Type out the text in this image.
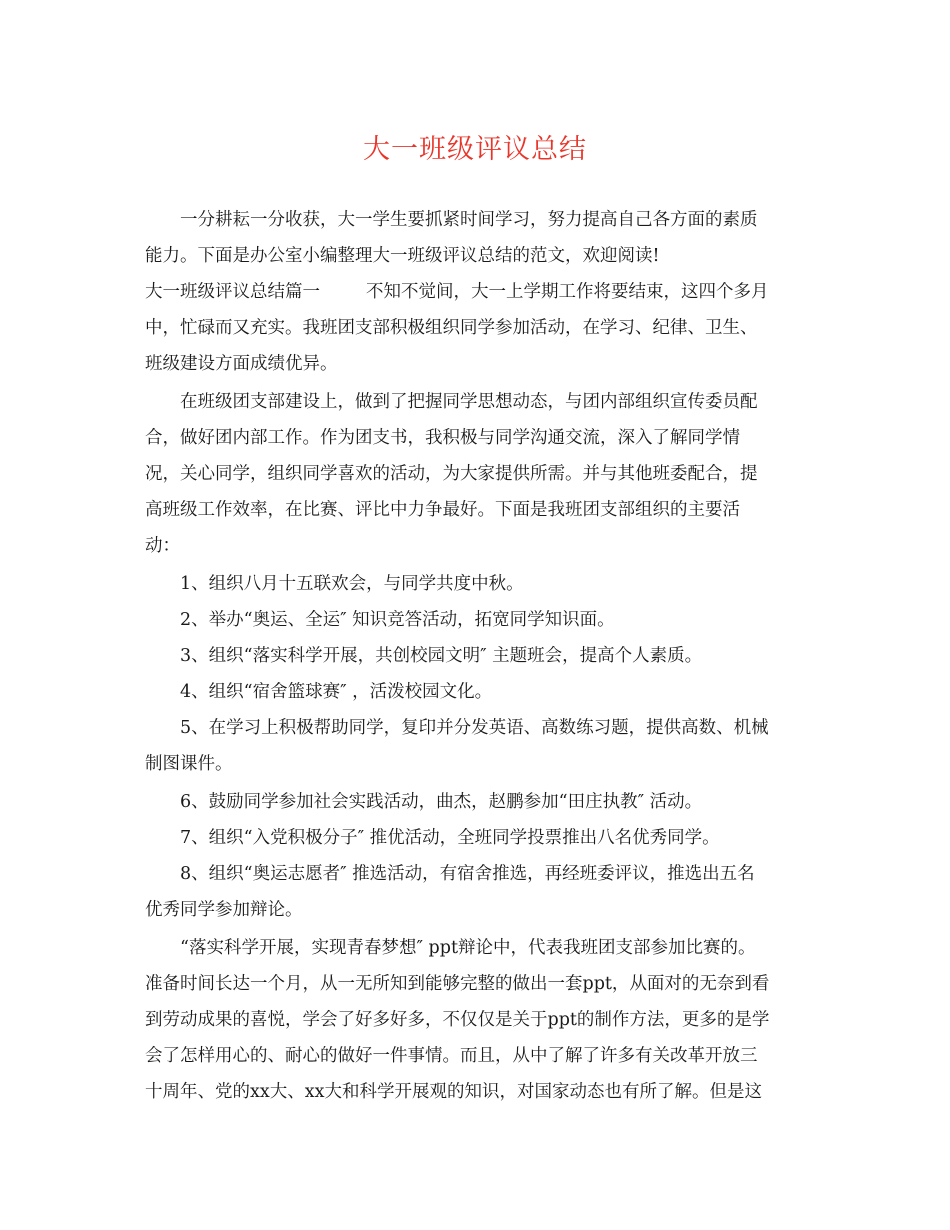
大一班级评议总结
一分耕耘一分收获，大一学生要抓紧时间学习，努力提高自己各方面的素质
能力。下面是办公室小编整理大一班级评议总结的范文，欢迎阅读!
大一班级评议总结篇一	不知不觉间，大一上学期工作将要结束，这四个多月
中，忙碌而又充实。我班团支部积极组织同学参加活动，在学习、纪律、卫生、
班级建设方面成绩优异。
在班级团支部建设上，做到了把握同学思想动态，与团内部组织宣传委员配
合，做好团内部工作。作为团支书，我积极与同学沟通交流，深入了解同学情
况，关心同学，组织同学喜欢的活动，为大家提供所需。并与其他班委配合，提
高班级工作效率，在比赛、评比中力争最好。下面是我班团支部组织的主要活
动：
1、组织八月十五联欢会，与同学共度中秋。
2、举办“奥运、全运″ 知识竞答活动，拓宽同学知识面。
3、组织“落实科学开展，共创校园文明″ 主题班会，提高个人素质。
4、组织“宿舍篮球赛″ ，活泼校园文化。
5、在学习上积极帮助同学，复印并分发英语、高数练习题，提供高数、机械
制图课件。
6、鼓励同学参加社会实践活动，曲杰，赵鹏参加“田庄执教″ 活动。
7、组织“入党积极分子″ 推优活动，全班同学投票推出八名优秀同学。
8、组织“奥运志愿者″ 推选活动，有宿舍推选，再经班委评议，推选出五名
优秀同学参加辩论。
“落实科学开展，实现青春梦想″ ppt辩论中，代表我班团支部参加比赛的。
准备时间长达一个月，从一无所知到能够完整的做出一套ppt，从面对的无奈到看
到劳动成果的喜悦，学会了好多好多，不仅仅是关于ppt的制作方法，更多的是学
会了怎样用心的、耐心的做好一件事情。而且，从中了解了许多有关改革开放三
十周年、党的xx大、xx大和科学开展观的知识，对国家动态也有所了解。但是这
